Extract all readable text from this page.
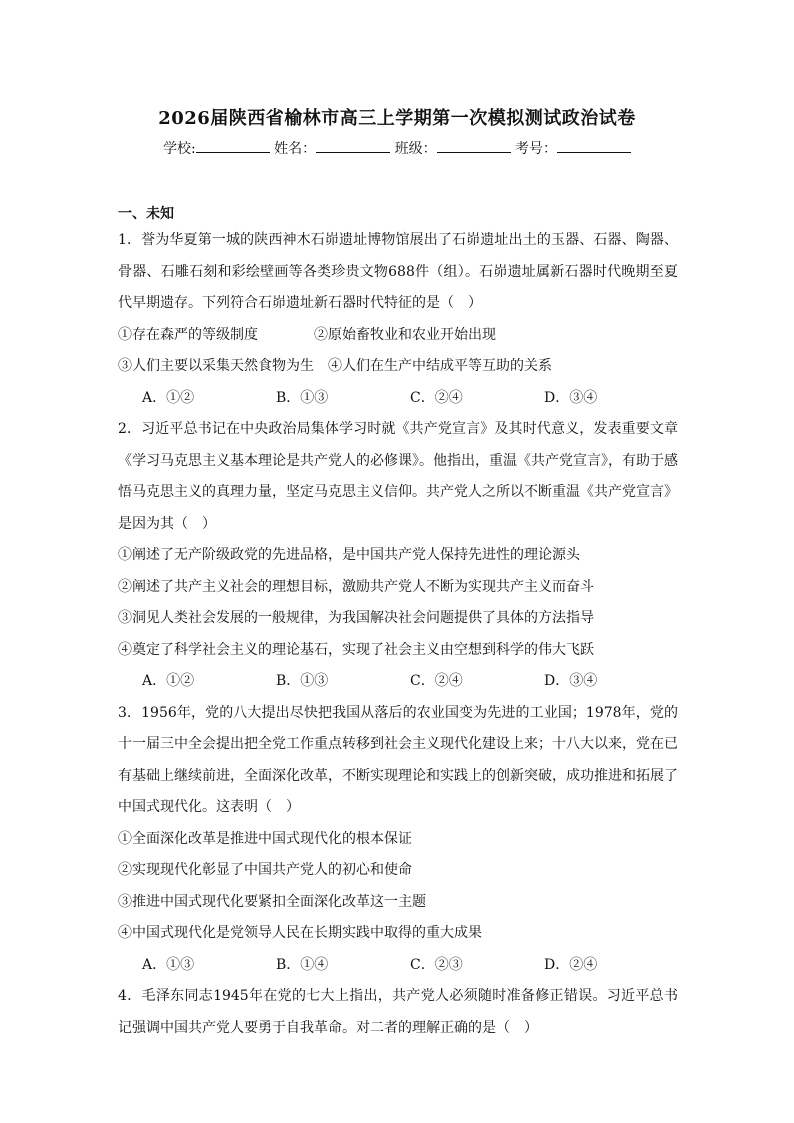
2026届陕西省榆林市高三上学期第一次模拟测试政治试卷
学校:	姓名：	班级：	考号：
一、未知

1．誉为华夏第一城的陕西神木石峁遗址博物馆展出了石峁遗址出土的玉器、石器、陶器、骨器、石雕石刻和彩绘壁画等各类珍贵文物688件（组）。石峁遗址属新石器时代晚期至夏代早期遗存。下列符合石峁遗址新石器时代特征的是（　）

①存在森严的等级制度　　　　②原始畜牧业和农业开始出现

③人们主要以采集天然食物为生　④人们在生产中结成平等互助的关系

A．①②	B．①③	C．②④	D．③④

2．习近平总书记在中央政治局集体学习时就《共产党宣言》及其时代意义，发表重要文章《学习马克思主义基本理论是共产党人的必修课》。他指出，重温《共产党宣言》，有助于感悟马克思主义的真理力量，坚定马克思主义信仰。共产党人之所以不断重温《共产党宣言》是因为其（　）

①阐述了无产阶级政党的先进品格，是中国共产党人保持先进性的理论源头

②阐述了共产主义社会的理想目标，激励共产党人不断为实现共产主义而奋斗

③洞见人类社会发展的一般规律，为我国解决社会问题提供了具体的方法指导

④奠定了科学社会主义的理论基石，实现了社会主义由空想到科学的伟大飞跃

A．①②	B．①③	C．②④	D．③④

3．1956年，党的八大提出尽快把我国从落后的农业国变为先进的工业国；1978年，党的十一届三中全会提出把全党工作重点转移到社会主义现代化建设上来；十八大以来，党在已有基础上继续前进，全面深化改革，不断实现理论和实践上的创新突破，成功推进和拓展了中国式现代化。这表明（　）

①全面深化改革是推进中国式现代化的根本保证

②实现现代化彰显了中国共产党人的初心和使命

③推进中国式现代化要紧扣全面深化改革这一主题

④中国式现代化是党领导人民在长期实践中取得的重大成果

A．①③	B．①④	C．②③	D．②④

4．毛泽东同志1945年在党的七大上指出，共产党人必须随时准备修正错误。习近平总书记强调中国共产党人要勇于自我革命。对二者的理解正确的是（　）
